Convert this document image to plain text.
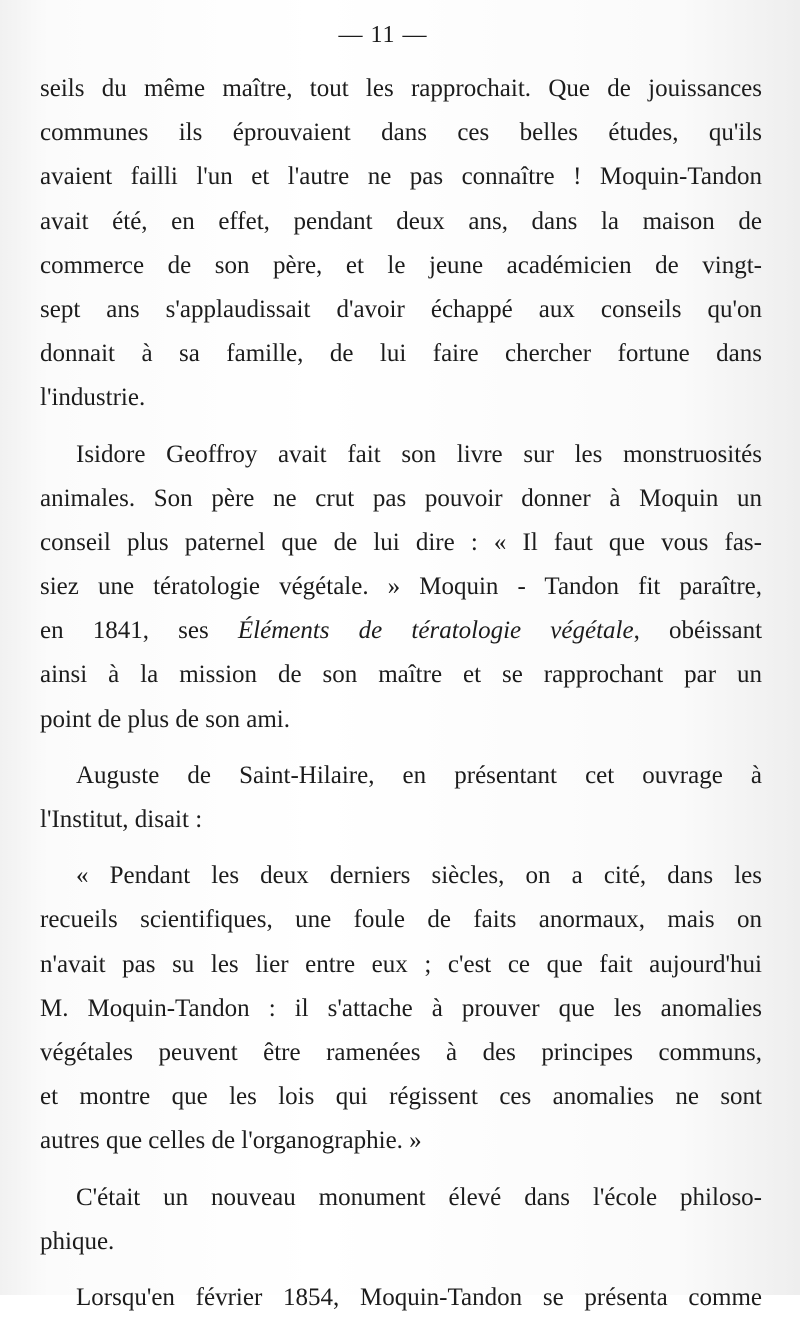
— 11 —
seils du même maître, tout les rapprochait. Que de jouissances
communes ils éprouvaient dans ces belles études, qu'ils
avaient failli l'un et l'autre ne pas connaître ! Moquin-Tandon
avait été, en effet, pendant deux ans, dans la maison de
commerce de son père, et le jeune académicien de vingt-
sept ans s'applaudissait d'avoir échappé aux conseils qu'on
donnait à sa famille, de lui faire chercher fortune dans
l'industrie.
Isidore Geoffroy avait fait son livre sur les monstruosités
animales. Son père ne crut pas pouvoir donner à Moquin un
conseil plus paternel que de lui dire : « Il faut que vous fas-
siez une tératologie végétale. » Moquin - Tandon fit paraître,
en 1841, ses Éléments de tératologie végétale, obéissant
ainsi à la mission de son maître et se rapprochant par un
point de plus de son ami.
Auguste de Saint-Hilaire, en présentant cet ouvrage à
l'Institut, disait :
« Pendant les deux derniers siècles, on a cité, dans les
recueils scientifiques, une foule de faits anormaux, mais on
n'avait pas su les lier entre eux ; c'est ce que fait aujourd'hui
M. Moquin-Tandon : il s'attache à prouver que les anomalies
végétales peuvent être ramenées à des principes communs,
et montre que les lois qui régissent ces anomalies ne sont
autres que celles de l'organographie. »
C'était un nouveau monument élevé dans l'école philoso-
phique.
Lorsqu'en février 1854, Moquin-Tandon se présenta comme
